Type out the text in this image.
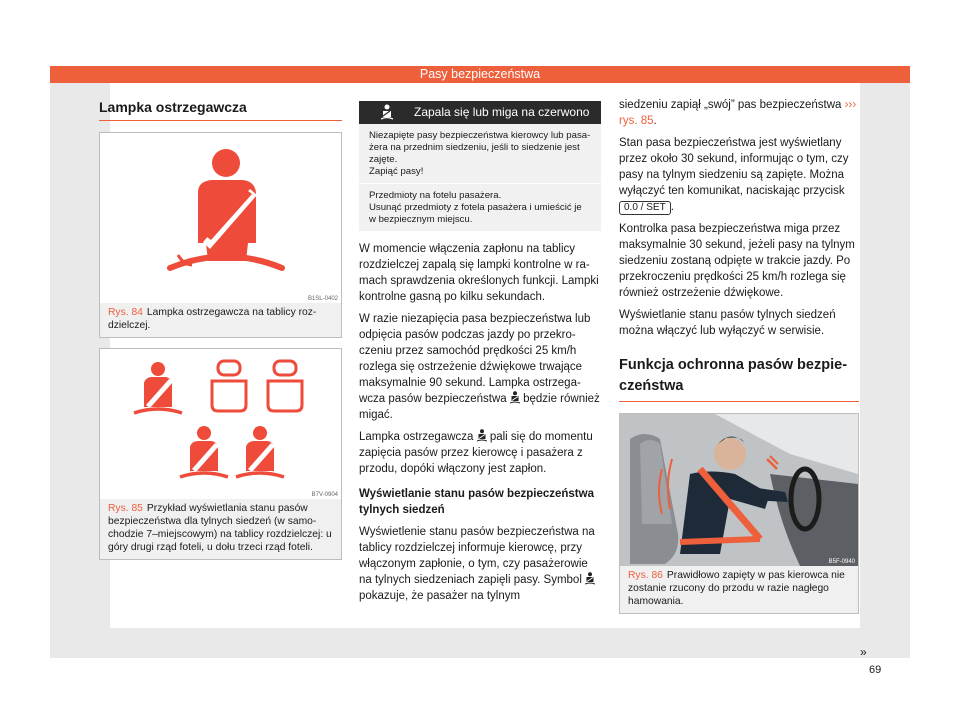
Pasy bezpieczeństwa
69
»
Lampka ostrzegawcza
B1SL-0402
Rys. 84 Lampka ostrzegawcza na tablicy rozdzielczej.
B7V-0904
Rys. 85 Przykład wyświetlania stanu pasów bezpieczeństwa dla tylnych siedzeń (w samochodzie 7–miejscowym) na tablicy rozdzielczej: u góry drugi rząd foteli, u dołu trzeci rząd foteli.
Zapala się lub miga na czerwono
Niezapięte pasy bezpieczeństwa kierowcy lub pasażera na przednim siedzeniu, jeśli to siedzenie jest zajęte.
Zapiąć pasy!
Przedmioty na fotelu pasażera.
Usunąć przedmioty z fotela pasażera i umieścić je w bezpiecznym miejscu.

W momencie włączenia zapłonu na tablicy rozdzielczej zapalą się lampki kontrolne w ramach sprawdzenia określonych funkcji. Lampki kontrolne gasną po kilku sekundach.

W razie niezapięcia pasa bezpieczeństwa lub odpięcia pasów podczas jazdy po przekroczeniu przez samochód prędkości 25 km/h rozlega się ostrzeżenie dźwiękowe trwające maksymalnie 90 sekund. Lampka ostrzegawcza pasów bezpieczeństwa będzie również migać.

Lampka ostrzegawcza pali się do momentu zapięcia pasów przez kierowcę i pasażera z przodu, dopóki włączony jest zapłon.

Wyświetlanie stanu pasów bezpieczeństwa tylnych siedzeń

Wyświetlenie stanu pasów bezpieczeństwa na tablicy rozdzielczej informuje kierowcę, przy włączonym zapłonie, o tym, czy pasażerowie na tylnych siedzeniach zapięli pasy. Symbol  pokazuje, że pasażer na tylnym

siedzeniu zapiął „swój” pas bezpieczeństwa ››› rys. 85.

Stan pasa bezpieczeństwa jest wyświetlany przez około 30 sekund, informując o tym, czy pasy na tylnym siedzeniu są zapięte. Można wyłączyć ten komunikat, naciskając przycisk 0.0 / SET .

Kontrolka pasa bezpieczeństwa miga przez maksymalnie 30 sekund, jeżeli pasy na tylnym siedzeniu zostaną odpięte w trakcie jazdy. Po przekroczeniu prędkości 25 km/h rozlega się również ostrzeżenie dźwiękowe.

Wyświetlanie stanu pasów tylnych siedzeń można włączyć lub wyłączyć w serwisie.

Funkcja ochronna pasów bezpieczeństwa
B5F-0940
Rys. 86 Prawidłowo zapięty w pas kierowca nie zostanie rzucony do przodu w razie nagłego hamowania.
